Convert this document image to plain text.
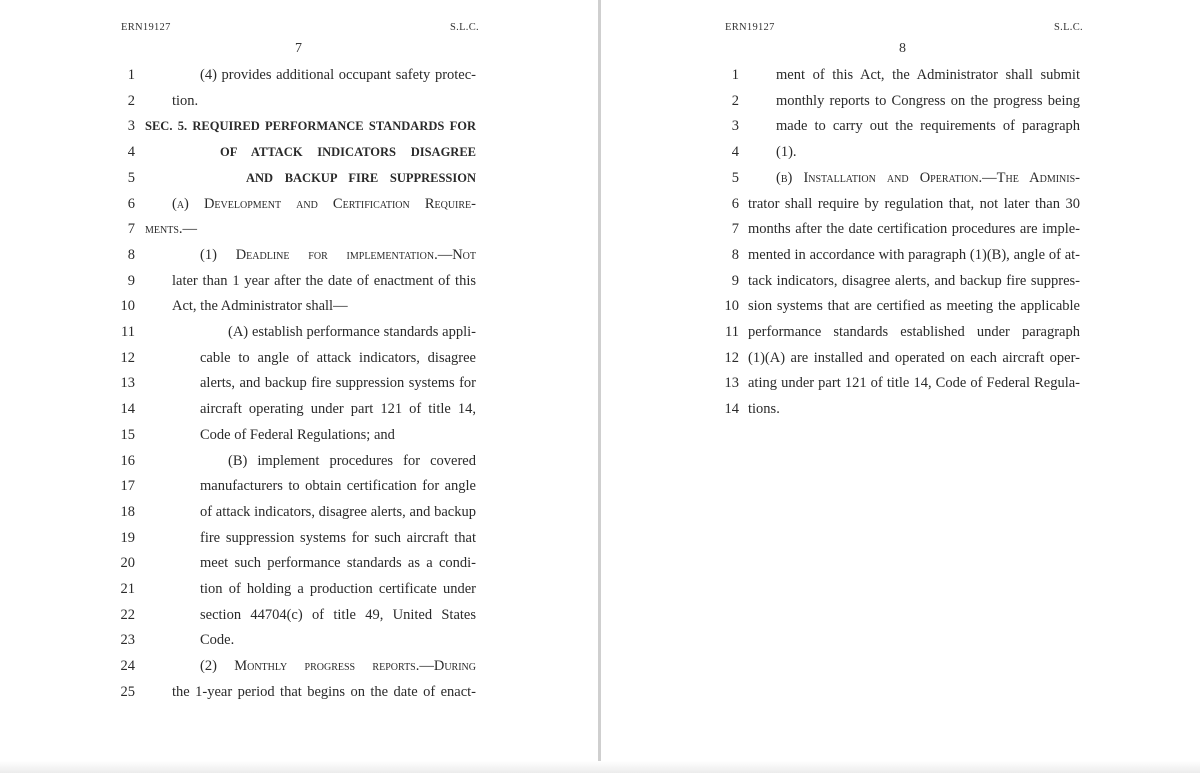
ERN19127	S.L.C.
7
1	(4) provides additional occupant safety protec-
2	tion.
3 SEC. 5. REQUIRED PERFORMANCE STANDARDS FOR
4	OF ATTACK INDICATORS DISAGREE
5	AND BACKUP FIRE SUPPRESSION
6	(a) Development and Certification Require-
7 ments.—
8	(1) Deadline for implementation.—Not
9	later than 1 year after the date of enactment of this
10	Act, the Administrator shall—
11	(A) establish performance standards appli-
12	cable to angle of attack indicators, disagree
13	alerts, and backup fire suppression systems for
14	aircraft operating under part 121 of title 14,
15	Code of Federal Regulations; and
16	(B) implement procedures for covered
17	manufacturers to obtain certification for angle
18	of attack indicators, disagree alerts, and backup
19	fire suppression systems for such aircraft that
20	meet such performance standards as a condi-
21	tion of holding a production certificate under
22	section 44704(c) of title 49, United States
23	Code.
24	(2) Monthly progress reports.—During
25	the 1-year period that begins on the date of enact-
ERN19127	S.L.C.
8
1	ment of this Act, the Administrator shall submit
2	monthly reports to Congress on the progress being
3	made to carry out the requirements of paragraph
4	(1).
5	(b) Installation and Operation.—The Adminis-
6 trator shall require by regulation that, not later than 30
7 months after the date certification procedures are imple-
8 mented in accordance with paragraph (1)(B), angle of at-
9 tack indicators, disagree alerts, and backup fire suppres-
10 sion systems that are certified as meeting the applicable
11 performance standards established under paragraph
12 (1)(A) are installed and operated on each aircraft oper-
13 ating under part 121 of title 14, Code of Federal Regula-
14 tions.
